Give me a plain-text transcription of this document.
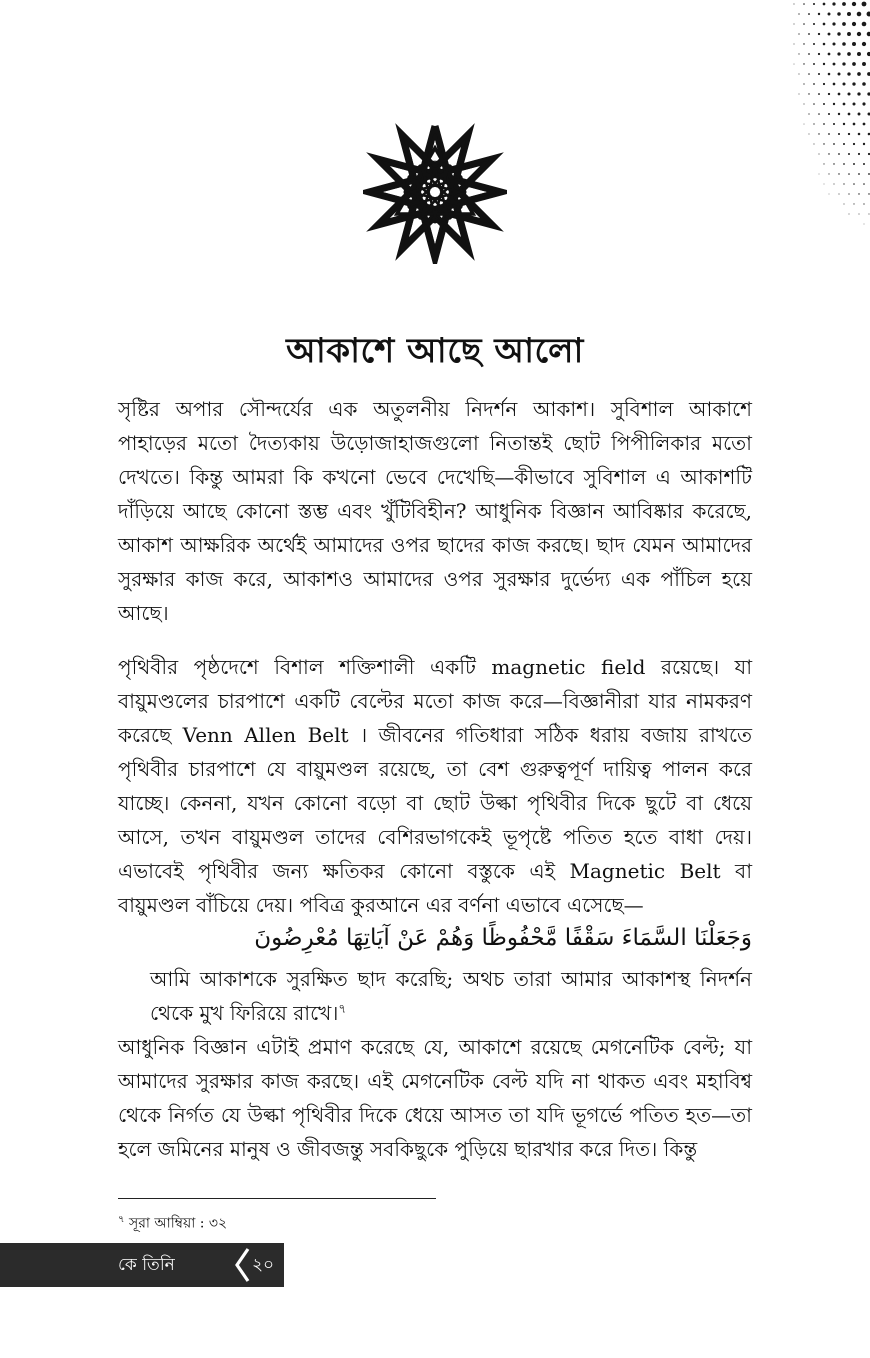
আকাশে আছে আলো

সৃষ্টির অপার সৌন্দর্যের এক অতুলনীয় নিদর্শন আকাশ। সুবিশাল আকাশে পাহাড়ের মতো দৈত্যকায় উড়োজাহাজগুলো নিতান্তই ছোট পিপীলিকার মতো দেখতে। কিন্তু আমরা কি কখনো ভেবে দেখেছি—কীভাবে সুবিশাল এ আকাশটি দাঁড়িয়ে আছে কোনো স্তম্ভ এবং খুঁটিবিহীন? আধুনিক বিজ্ঞান আবিষ্কার করেছে, আকাশ আক্ষরিক অর্থেই আমাদের ওপর ছাদের কাজ করছে। ছাদ যেমন আমাদের সুরক্ষার কাজ করে, আকাশও আমাদের ওপর সুরক্ষার দুর্ভেদ্য এক পাঁচিল হয়ে আছে।

পৃথিবীর পৃষ্ঠদেশে বিশাল শক্তিশালী একটি magnetic field রয়েছে। যা বায়ুমণ্ডলের চারপাশে একটি বেল্টের মতো কাজ করে—বিজ্ঞানীরা যার নামকরণ করেছে Venn Allen Belt । জীবনের গতিধারা সঠিক ধরায় বজায় রাখতে পৃথিবীর চারপাশে যে বায়ুমণ্ডল রয়েছে, তা বেশ গুরুত্বপূর্ণ দায়িত্ব পালন করে যাচ্ছে। কেননা, যখন কোনো বড়ো বা ছোট উল্কা পৃথিবীর দিকে ছুটে বা ধেয়ে আসে, তখন বায়ুমণ্ডল তাদের বেশিরভাগকেই ভূপৃষ্টে পতিত হতে বাধা দেয়। এভাবেই পৃথিবীর জন্য ক্ষতিকর কোনো বস্তুকে এই Magnetic Belt বা বায়ুমণ্ডল বাঁচিয়ে দেয়। পবিত্র কুরআনে এর বর্ণনা এভাবে এসেছে—

وَجَعَلْنَا السَّمَاءَ سَقْفًا مَّحْفُوظًا وَهُمْ عَنْ آيَاتِهَا مُعْرِضُونَ

আমি আকাশকে সুরক্ষিত ছাদ করেছি; অথচ তারা আমার আকাশস্থ নিদর্শন থেকে মুখ ফিরিয়ে রাখে।$^৭$

আধুনিক বিজ্ঞান এটাই প্রমাণ করেছে যে, আকাশে রয়েছে মেগনেটিক বেল্ট; যা আমাদের সুরক্ষার কাজ করছে। এই মেগনেটিক বেল্ট যদি না থাকত এবং মহাবিশ্ব থেকে নির্গত যে উল্কা পৃথিবীর দিকে ধেয়ে আসত তা যদি ভূগর্ভে পতিত হত—তা হলে জমিনের মানুষ ও জীবজন্তু সবকিছুকে পুড়িয়ে ছারখার করে দিত। কিন্তু

$^৭$ সূরা আম্বিয়া : ৩২
কে তিনি	২০
